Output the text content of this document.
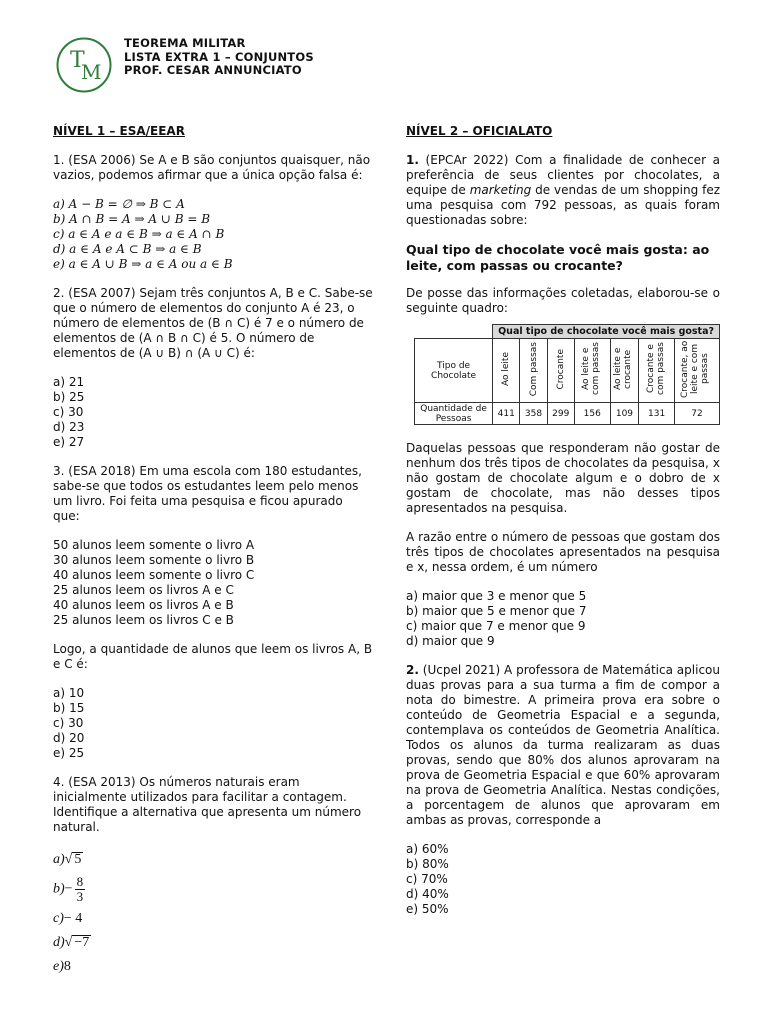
T
M
TEOREMA MILITAR
LISTA EXTRA 1 – CONJUNTOS
PROF. CESAR ANNUNCIATO
NÍVEL 1 – ESA/EEAR
1. (ESA 2006) Se A e B são conjuntos quaisquer, não vazios, podemos afirmar que a única opção falsa é:
a) A − B = ∅ ⇒ B ⊂ A
b) A ∩ B = A ⇒ A ∪ B = B
c) a ∈ A e a ∈ B ⇒ a ∈ A ∩ B
d) a ∈ A e A ⊂ B ⇒ a ∈ B
e) a ∈ A ∪ B ⇒ a ∈ A ou a ∈ B
2. (ESA 2007) Sejam três conjuntos A, B e C. Sabe-se que o número de elementos do conjunto A é 23, o número de elementos de (B ∩ C) é 7 e o número de elementos de (A ∩ B ∩ C) é 5. O número de elementos de (A ∪ B) ∩ (A ∪ C) é:
a) 21
b) 25
c) 30
d) 23
e) 27
3. (ESA 2018) Em uma escola com 180 estudantes, sabe-se que todos os estudantes leem pelo menos um livro. Foi feita uma pesquisa e ficou apurado que:
50 alunos leem somente o livro A
30 alunos leem somente o livro B
40 alunos leem somente o livro C
25 alunos leem os livros A e C
40 alunos leem os livros A e B
25 alunos leem os livros C e B
Logo, a quantidade de alunos que leem os livros A, B e C é:
a) 10
b) 15
c) 30
d) 20
e) 25
4. (ESA 2013) Os números naturais eram inicialmente utilizados para facilitar a contagem. Identifique a alternativa que apresenta um número natural.
a)√ 5
$b)- \frac{8}{3}$
c)− 4
d)√ −7
e)8
NÍVEL 2 – OFICIALATO
1. (EPCAr 2022) Com a finalidade de conhecer a preferência de seus clientes por chocolates, a equipe de marketing de vendas de um shopping fez uma pesquisa com 792 pessoas, as quais foram questionadas sobre:
Qual tipo de chocolate você mais gosta: ao leite, com passas ou crocante?
De posse das informações coletadas, elaborou-se o seguinte quadro:
	Qual tipo de chocolate você mais gosta?						
Tipo de Chocolate	Ao leite	Com passas	Crocante	Ao leite e com passas	Ao leite e crocante	Crocante e com passas	Crocante, ao leite e com passas
Quantidade de Pessoas	411	358	299	156	109	131	72
Daquelas pessoas que responderam não gostar de nenhum dos três tipos de chocolates da pesquisa, x não gostam de chocolate algum e o dobro de x gostam de chocolate, mas não desses tipos apresentados na pesquisa.
A razão entre o número de pessoas que gostam dos três tipos de chocolates apresentados na pesquisa e x, nessa ordem, é um número
a) maior que 3 e menor que 5
b) maior que 5 e menor que 7
c) maior que 7 e menor que 9
d) maior que 9
2. (Ucpel 2021) A professora de Matemática aplicou duas provas para a sua turma a fim de compor a nota do bimestre. A primeira prova era sobre o conteúdo de Geometria Espacial e a segunda, contemplava os conteúdos de Geometria Analítica. Todos os alunos da turma realizaram as duas provas, sendo que 80% dos alunos aprovaram na prova de Geometria Espacial e que 60% aprovaram na prova de Geometria Analítica. Nestas condições, a porcentagem de alunos que aprovaram em ambas as provas, corresponde a
a) 60%
b) 80%
c) 70%
d) 40%
e) 50%
